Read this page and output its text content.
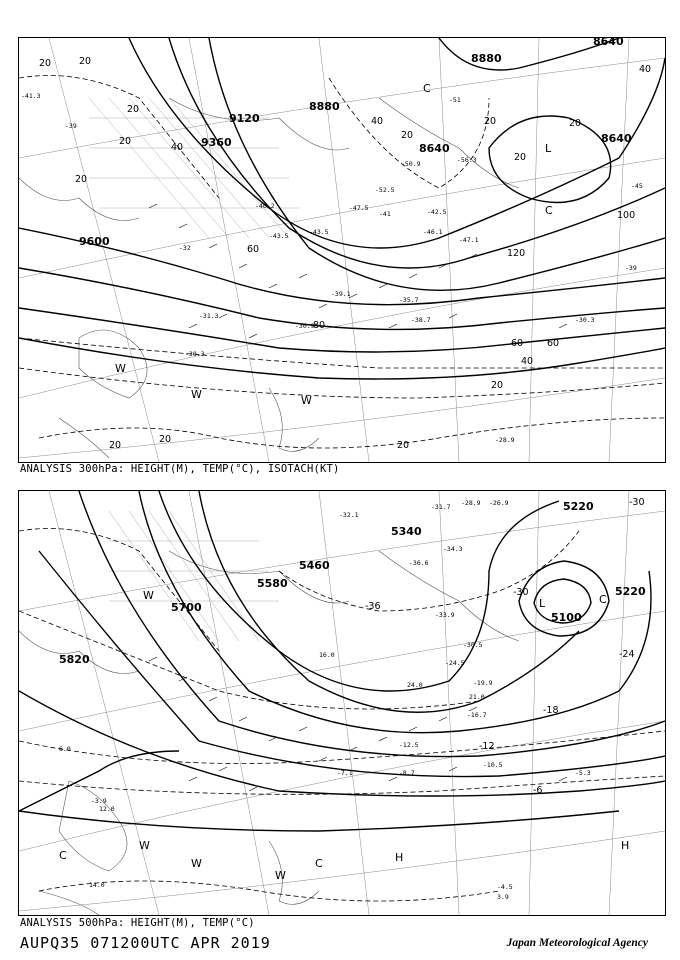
8640
8880
9120
9360
9600
8880
8640
8640
20
20
20
20
20
40
40
40
60
60
80
100
120
20
20
20
20
20
20
40
60
20
20
-39
-41.3
-47.1
-30.9
-31.3
-30.3
-32
-28.9
-30.3
-39
-41
-45
-43.5
-46.2
-51
-56.3
-52.5
-50.9
-47.5
-46.1
-43.5
-39.1
-35.7
-42.5
-38.7
W
W	W
C
L
C
ANALYSIS 300hPa: HEIGHT(M), TEMP(°C), ISOTACH(KT)
5220
5340
5460
5580
5700
5820
5100
5220
-30
-36
-30
-24
-18
-12
-6
-28.9 -26.9
-32.1
-31.7
-34.3
-33.9
-36.6
-30.5
-24.5
-19.9
-16.7
-12.5
-10.5
-8.7
-7.1	-5.3
-3.9
-4.5
21.0
24.0
16.0
14.0
12.0
6.0
3.9
W
W
W
C	H
H
C
L	C
W
ANALYSIS 500hPa: HEIGHT(M), TEMP(°C)
AUPQ35 071200UTC APR 2019	Japan Meteorological Agency
